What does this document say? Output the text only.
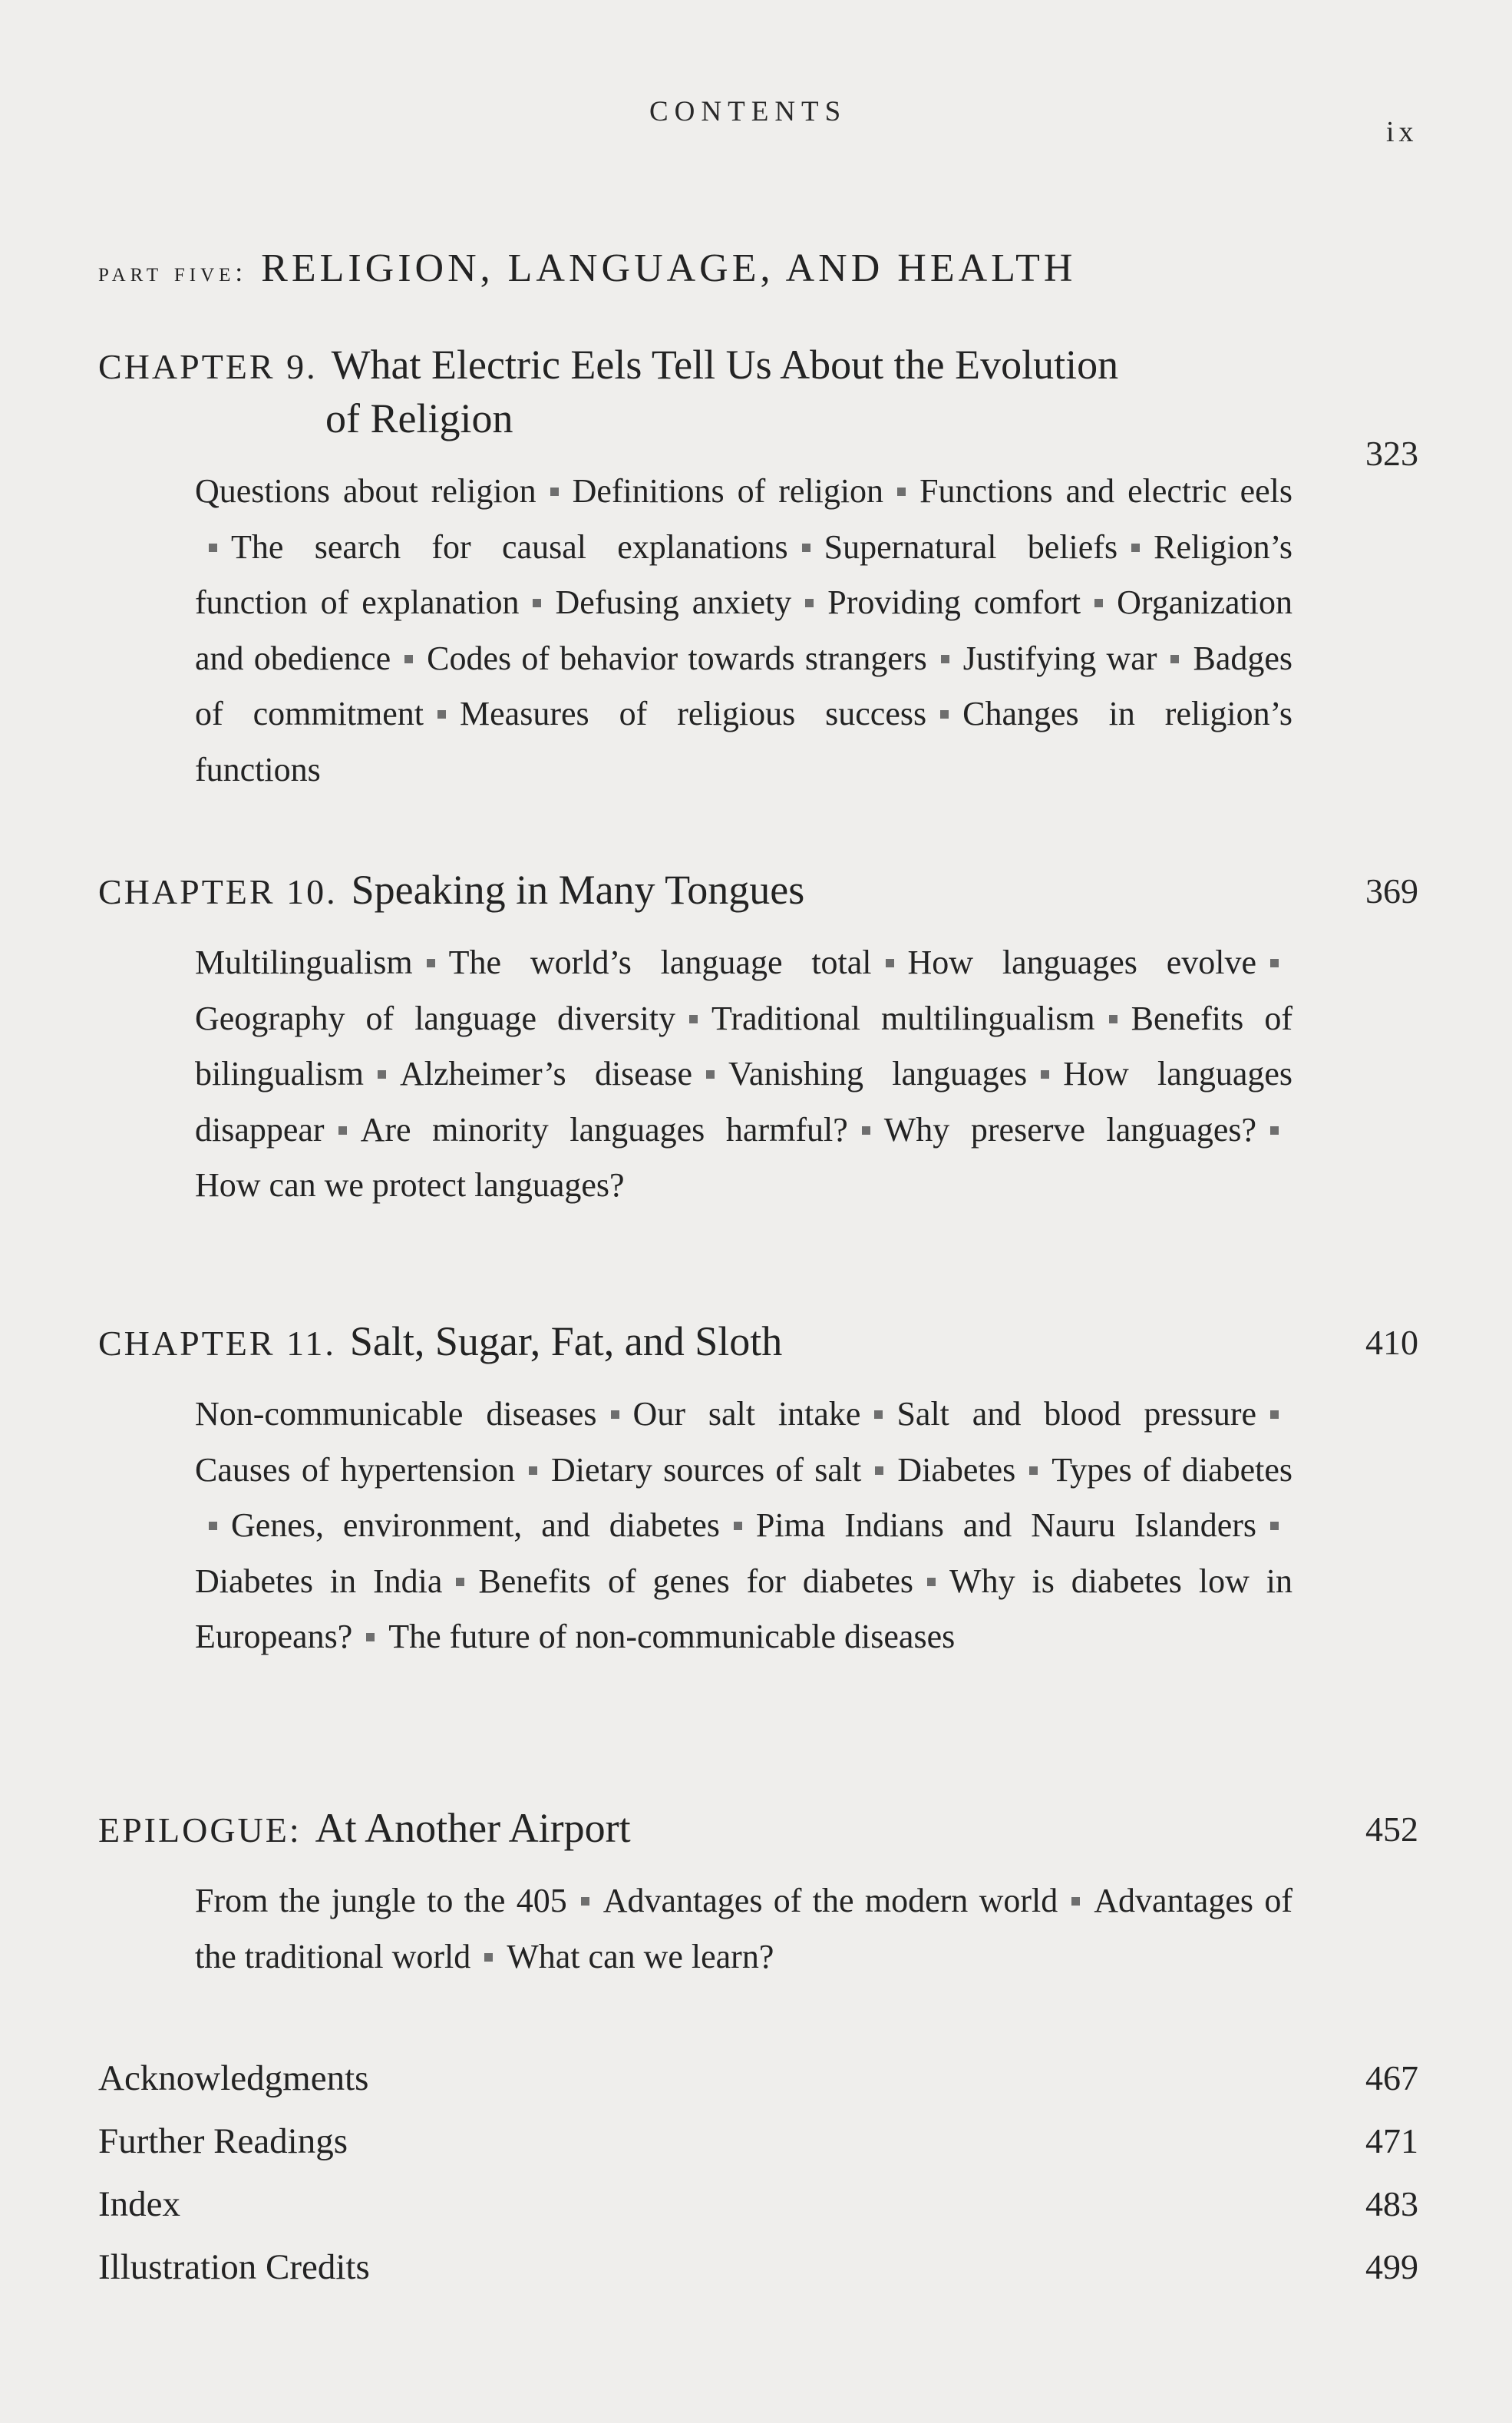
CONTENTS
ix
part five: RELIGION, LANGUAGE, AND HEALTH
CHAPTER 9. What Electric Eels Tell Us About the Evolution
of Religion
323
Questions about religion Definitions of religion Functions and electric eelsThe search for causal explanations Supernatural beliefs Religion’s function of explanation Defusing anxiety Providing comfort Organization and obedience Codes of behavior towards strangers Justifying war Badges of commitment Measures of religious success Changes in religion’s functions
CHAPTER 10. Speaking in Many Tongues	369
Multilingualism The world’s language total How languages evolveGeography of language diversity Traditional multilingualism Benefits of bilingualism Alzheimer’s disease Vanishing languages How languages disappear Are minority languages harmful? Why preserve languages?How can we protect languages?
CHAPTER 11. Salt, Sugar, Fat, and Sloth	410
Non-communicable diseases Our salt intake Salt and blood pressureCauses of hypertension Dietary sources of salt Diabetes Types of diabetesGenes, environment, and diabetes Pima Indians and Nauru IslandersDiabetes in India Benefits of genes for diabetes Why is diabetes low in Europeans? The future of non-communicable diseases
EPILOGUE: At Another Airport	452
From the jungle to the 405 Advantages of the modern world Advantages of the traditional world What can we learn?
Acknowledgments	467
Further Readings	471
Index	483
Illustration Credits	499
